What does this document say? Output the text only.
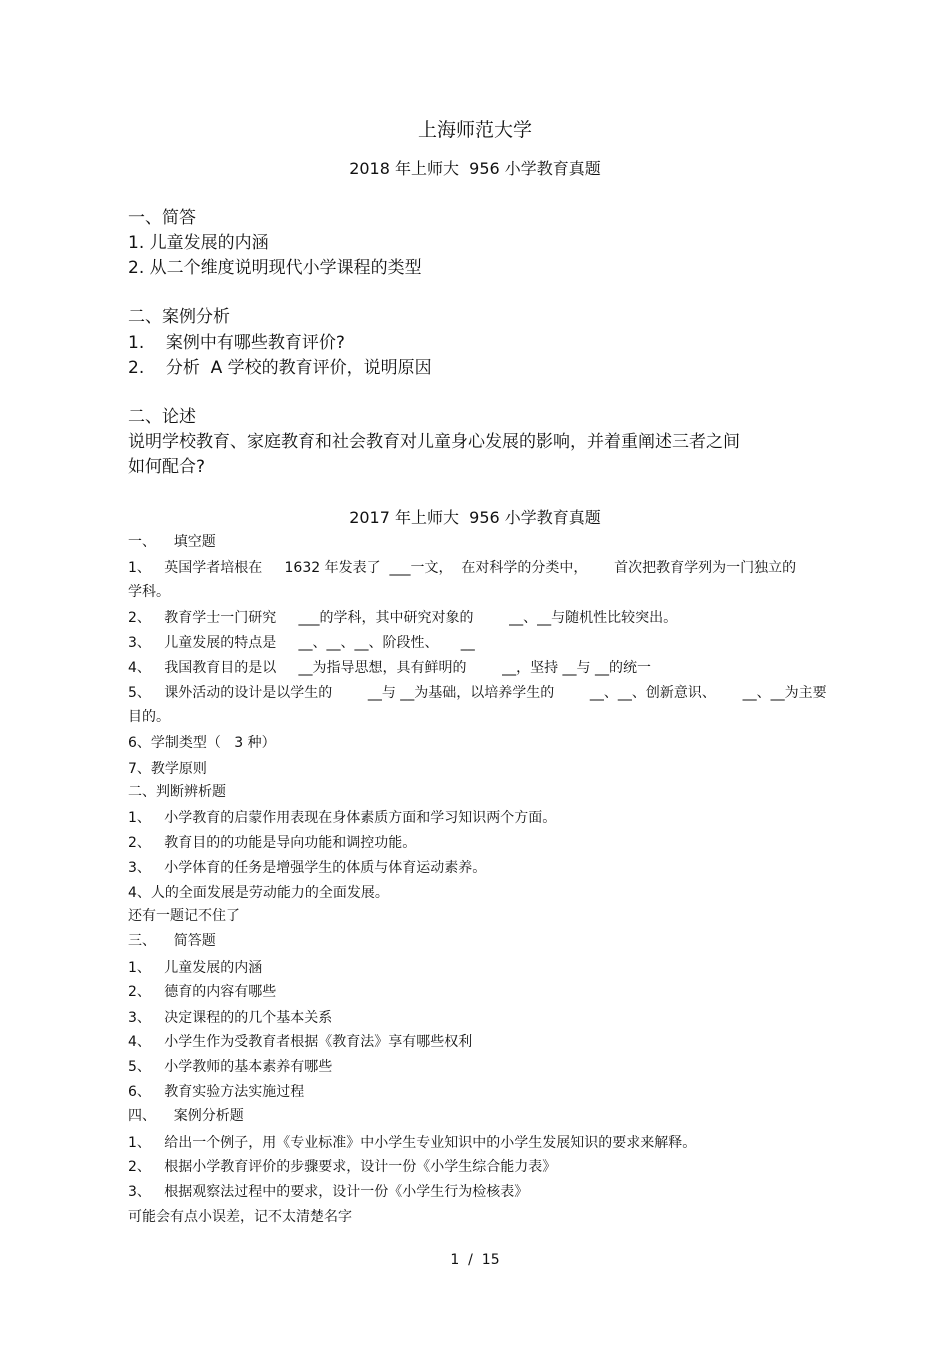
上海师范大学
2018 年上师大  956 小学教育真题
一、简答
1. 儿童发展的内涵
2. 从二个维度说明现代小学课程的类型
二、案例分析
1.    案例中有哪些教育评价?
2.    分析  A 学校的教育评价，说明原因
二、论述
说明学校教育、家庭教育和社会教育对儿童身心发展的影响，并着重阐述三者之间
如何配合?
2017 年上师大  956 小学教育真题
一、    填空题
1、   英国学者培根在     1632 年发表了  ___一文，  在对科学的分类中，      首次把教育学列为一门独立的
学科。
2、   教育学士一门研究     ___的学科，其中研究对象的        __、__与随机性比较突出。
3、   儿童发展的特点是     __、__、__、阶段性、     __
4、   我国教育目的是以     __为指导思想，具有鲜明的        __，坚持 __与 __的统一
5、   课外活动的设计是以学生的        __与 __为基础，以培养学生的        __、__、创新意识、      __、__为主要
目的。
6、学制类型（   3 种）
7、教学原则
二、判断辨析题
1、   小学教育的启蒙作用表现在身体素质方面和学习知识两个方面。
2、   教育目的的功能是导向功能和调控功能。
3、   小学体育的任务是增强学生的体质与体育运动素养。
4、人的全面发展是劳动能力的全面发展。
还有一题记不住了
三、    简答题
1、   儿童发展的内涵
2、   德育的内容有哪些
3、   决定课程的的几个基本关系
4、   小学生作为受教育者根据《教育法》享有哪些权利
5、   小学教师的基本素养有哪些
6、   教育实验方法实施过程
四、    案例分析题
1、   给出一个例子，用《专业标准》中小学生专业知识中的小学生发展知识的要求来解释。
2、   根据小学教育评价的步骤要求，设计一份《小学生综合能力表》
3、   根据观察法过程中的要求，设计一份《小学生行为检核表》
可能会有点小误差，记不太清楚名字
1  /  15
